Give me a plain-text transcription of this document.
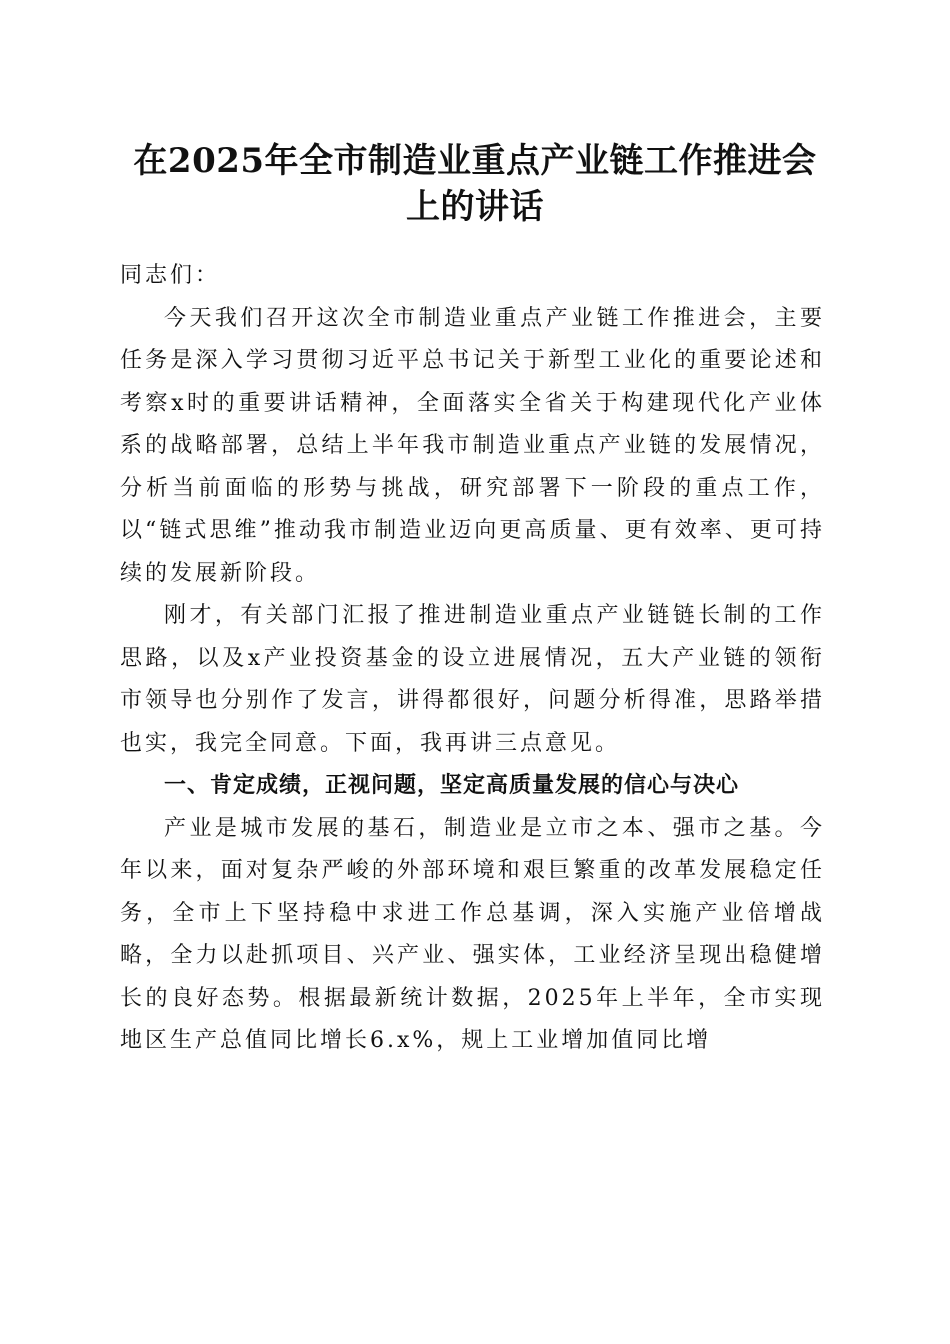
在2025年全市制造业重点产业链工作推进会
上的讲话

同志们：

今天我们召开这次全市制造业重点产业链工作推进会，主要任务是深入学习贯彻习近平总书记关于新型工业化的重要论述和考察x时的重要讲话精神，全面落实全省关于构建现代化产业体系的战略部署，总结上半年我市制造业重点产业链的发展情况，分析当前面临的形势与挑战，研究部署下一阶段的重点工作，以“链式思维”推动我市制造业迈向更高质量、更有效率、更可持续的发展新阶段。

刚才，有关部门汇报了推进制造业重点产业链链长制的工作思路，以及x产业投资基金的设立进展情况，五大产业链的领衔市领导也分别作了发言，讲得都很好，问题分析得准，思路举措也实，我完全同意。下面，我再讲三点意见。

一、肯定成绩，正视问题，坚定高质量发展的信心与决心

产业是城市发展的基石，制造业是立市之本、强市之基。今年以来，面对复杂严峻的外部环境和艰巨繁重的改革发展稳定任务，全市上下坚持稳中求进工作总基调，深入实施产业倍增战略，全力以赴抓项目、兴产业、强实体，工业经济呈现出稳健增长的良好态势。根据最新统计数据，2025年上半年，全市实现地区生产总值同比增长6.x%，规上工业增加值同比增
